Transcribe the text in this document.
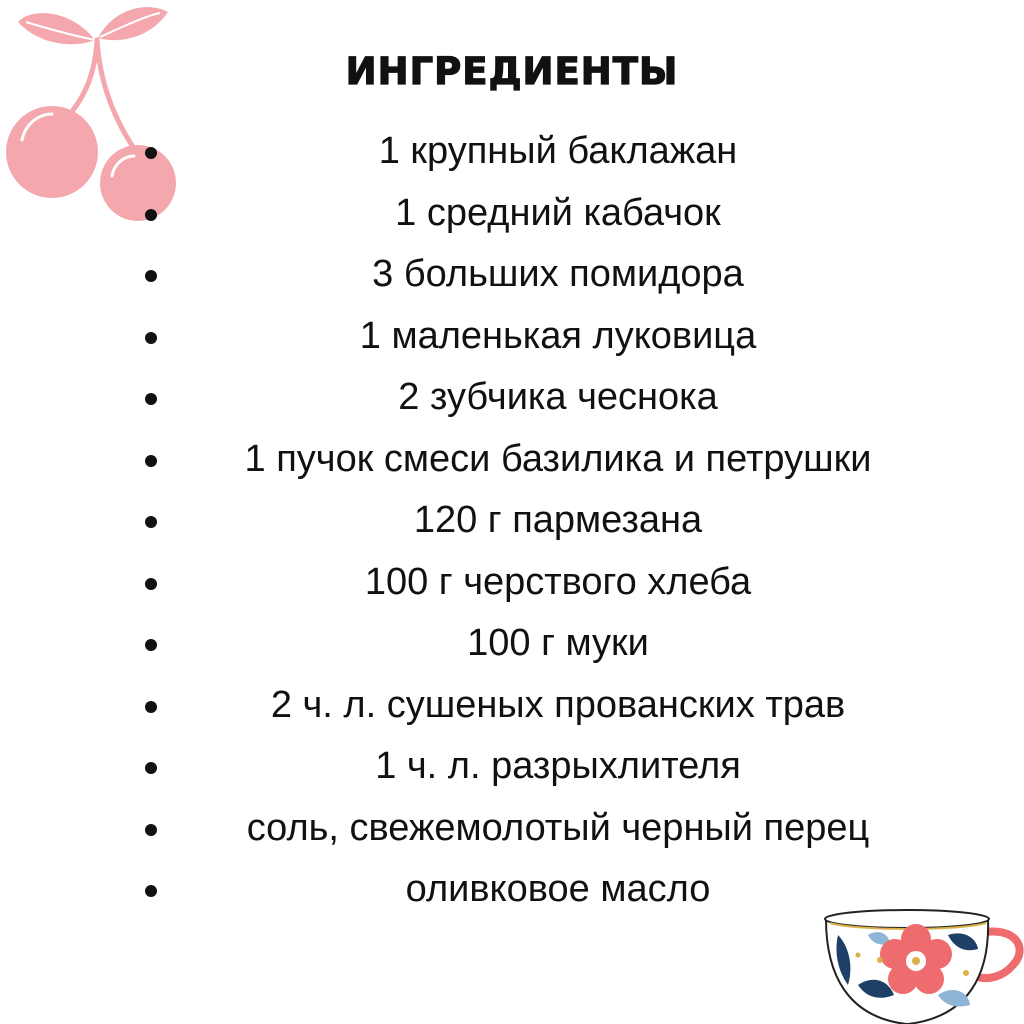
ИНГРЕДИЕНТЫ
1 крупный баклажан
1 средний кабачок
3 больших помидора
1 маленькая луковица
2 зубчика чеснока
1 пучок смеси базилика и петрушки
120 г пармезана
100 г черствого хлеба
100 г муки
2 ч. л. сушеных прованских трав
1 ч. л. разрыхлителя
соль, свежемолотый черный перец
оливковое масло
